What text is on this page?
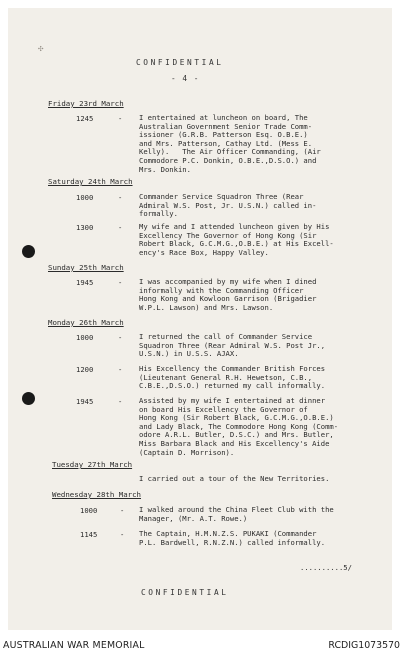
✣
CONFIDENTIAL
- 4 -
Friday 23rd March
1245	- I entertained at luncheon on board, The
Australian Government Senior Trade Comm-
issioner (G.R.B. Patterson Esq. O.B.E.)
and Mrs. Patterson, Cathay Ltd. (Mess E.
Kelly).   The Air Officer Commanding, (Air
Commodore P.C. Donkin, O.B.E.,D.S.O.) and
Mrs. Donkin.
Saturday 24th March
1000	- Commander Service Squadron Three (Rear
Admiral W.S. Post, Jr. U.S.N.) called in-
formally.
1300	- My wife and I attended luncheon given by His
Excellency The Governor of Hong Kong (Sir
Robert Black, G.C.M.G.,O.B.E.) at His Excell-
ency's Race Box, Happy Valley.
Sunday 25th March
1945	- I was accompanied by my wife when I dined
informally with the Commanding Officer
Hong Kong and Kowloon Garrison (Brigadier
W.P.L. Lawson) and Mrs. Lawson.
Monday 26th March
1000	- I returned the call of Commander Service
Squadron Three (Rear Admiral W.S. Post Jr.,
U.S.N.) in U.S.S. AJAX.
1200	- His Excellency the Commander British Forces
(Lieutenant General R.H. Hewetson, C.B.,
C.B.E.,D.S.O.) returned my call informally.
1945	- Assisted by my wife I entertained at dinner
on board His Excellency the Governor of
Hong Kong (Sir Robert Black, G.C.M.G.,O.B.E.)
and Lady Black, The Commodore Hong Kong (Comm-
odore A.R.L. Butler, D.S.C.) and Mrs. Butler,
Miss Barbara Black and His Excellency's Aide
(Captain D. Morrison).
Tuesday 27th March
I carried out a tour of the New Territories.
Wednesday 28th March
1000	- I walked around the China Fleet Club with the
Manager, (Mr. A.T. Rowe.)
1145	- The Captain, H.M.N.Z.S. PUKAKI (Commander
P.L. Bardwell, R.N.Z.N.) called informally.
..........5/
CONFIDENTIAL
AUSTRALIAN WAR MEMORIAL	RCDIG1073570
